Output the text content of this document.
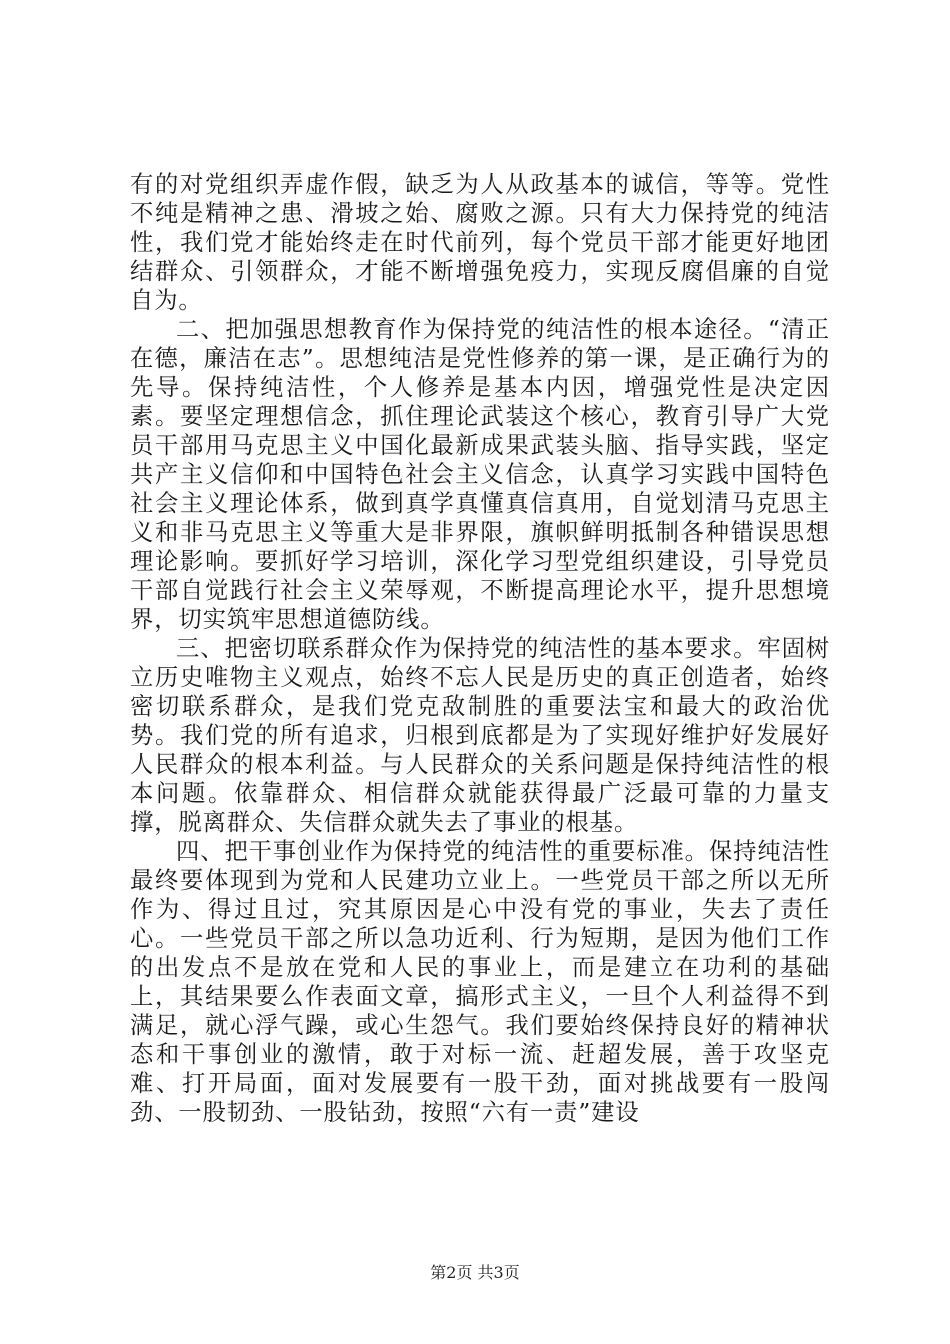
有的对党组织弄虚作假，缺乏为人从政基本的诚信，等等。党性不纯是精神之患、滑坡之始、腐败之源。只有大力保持党的纯洁性，我们党才能始终走在时代前列，每个党员干部才能更好地团结群众、引领群众，才能不断增强免疫力，实现反腐倡廉的自觉自为。

二、把加强思想教育作为保持党的纯洁性的根本途径。“清正在德，廉洁在志”。思想纯洁是党性修养的第一课，是正确行为的先导。保持纯洁性，个人修养是基本内因，增强党性是决定因素。要坚定理想信念，抓住理论武装这个核心，教育引导广大党员干部用马克思主义中国化最新成果武装头脑、指导实践，坚定共产主义信仰和中国特色社会主义信念，认真学习实践中国特色社会主义理论体系，做到真学真懂真信真用，自觉划清马克思主义和非马克思主义等重大是非界限，旗帜鲜明抵制各种错误思想理论影响。要抓好学习培训，深化学习型党组织建设，引导党员干部自觉践行社会主义荣辱观，不断提高理论水平，提升思想境界，切实筑牢思想道德防线。

三、把密切联系群众作为保持党的纯洁性的基本要求。牢固树立历史唯物主义观点，始终不忘人民是历史的真正创造者，始终密切联系群众，是我们党克敌制胜的重要法宝和最大的政治优势。我们党的所有追求，归根到底都是为了实现好维护好发展好人民群众的根本利益。与人民群众的关系问题是保持纯洁性的根本问题。依靠群众、相信群众就能获得最广泛最可靠的力量支撑，脱离群众、失信群众就失去了事业的根基。

四、把干事创业作为保持党的纯洁性的重要标准。保持纯洁性最终要体现到为党和人民建功立业上。一些党员干部之所以无所作为、得过且过，究其原因是心中没有党的事业，失去了责任心。一些党员干部之所以急功近利、行为短期，是因为他们工作的出发点不是放在党和人民的事业上，而是建立在功利的基础上，其结果要么作表面文章，搞形式主义，一旦个人利益得不到满足，就心浮气躁，或心生怨气。我们要始终保持良好的精神状态和干事创业的激情，敢于对标一流、赶超发展，善于攻坚克难、打开局面，面对发展要有一股干劲，面对挑战要有一股闯劲、一股韧劲、一股钻劲，按照“六有一责”建设

第2页 共3页
